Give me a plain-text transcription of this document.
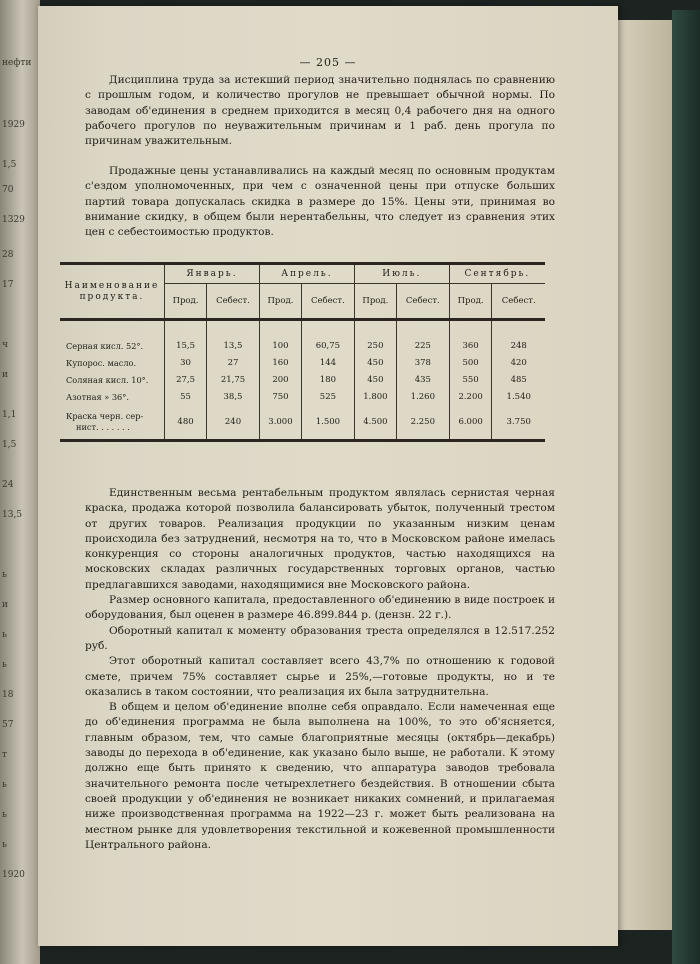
нефти
1929
1,5
70
1329
28
17
ч
и
1,1
1,5
24
13,5
ь
и
ь
ь
18
57
т
ь
ь
ь
1920
— 205 —

Дисциплина труда за истекший период значительно поднялась по сравнению с прошлым годом, и количество прогулов не превышает обычной нормы. По заводам об'единения в среднем приходится в месяц 0,4 рабочего дня на одного рабочего прогулов по неуважительным причинам и 1 раб. день прогула по причинам уважительным.

Продажные цены устанавливались на каждый месяц по основным продуктам с'ездом уполномоченных, при чем с означенной цены при отпуске больших партий товара допускалась скидка в размере до 15%. Цены эти, принимая во внимание скидку, в общем были нерентабельны, что следует из сравнения этих цен с себестоимостью продуктов.

Наименование продукта.	Январь.		Апрель.		Июль.		Сентябрь.	
	Прод.	Себест.	Прод.	Себест.	Прод.	Себест.	Прод.	Себест.

Серная кисл. 52°.	15,5	13,5	100	60,75	250	225	360	248
Купорос. масло.	30	27	160	144	450	378	500	420
Соляная кисл. 10°.	27,5	21,75	200	180	450	435	550	485
Азотная » 36°.	55	38,5	750	525	1.800	1.260	2.200	1.540
Краска черн. сер-
нист. . . . . . .	480	240	3.000	1.500	4.500	2.250	6.000	3.750

Единственным весьма рентабельным продуктом являлась сернистая черная краска, продажа которой позволила балансировать убыток, полученный трестом от других товаров. Реализация продукции по указанным низким ценам происходила без затруднений, несмотря на то, что в Московском районе имелась конкуренция со стороны аналогичных продуктов, частью находящихся на московских складах различных государственных торговых органов, частью предлагавшихся заводами, находящимися вне Московского района.

Размер основного капитала, предоставленного об'единению в виде построек и оборудования, был оценен в размере 46.899.844 р. (дензн. 22 г.).

Оборотный капитал к моменту образования треста определялся в 12.517.252 руб.

Этот оборотный капитал составляет всего 43,7% по отношению к годовой смете, причем 75% составляет сырье и 25%,—готовые продукты, но и те оказались в таком состоянии, что реализация их была затруднительна.

В общем и целом об'единение вполне себя оправдало. Если намеченная еще до об'единения программа не была выполнена на 100%, то это об'ясняется, главным образом, тем, что самые благоприятные месяцы (октябрь—декабрь) заводы до перехода в об'единение, как указано было выше, не работали. К этому должно еще быть принято к сведению, что аппаратура заводов требовала значительного ремонта после четырехлетнего бездействия. В отношении сбыта своей продукции у об'единения не возникает никаких сомнений, и прилагаемая ниже производственная программа на 1922—23 г. может быть реализована на местном рынке для удовлетворения текстильной и кожевенной промышленности Центрального района.
